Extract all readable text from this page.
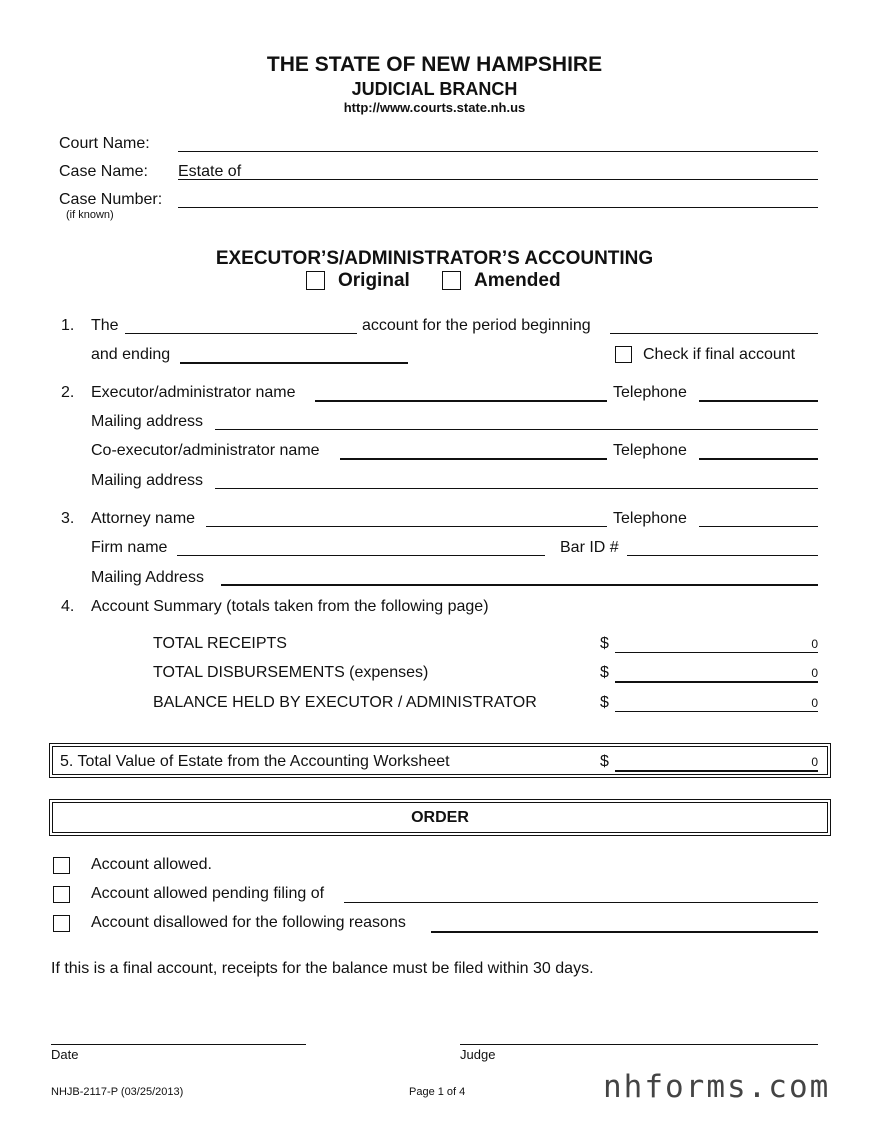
THE STATE OF NEW HAMPSHIRE
JUDICIAL BRANCH
http://www.courts.state.nh.us
Court Name:
Case Name: Estate of
Case Number:
(if known)
EXECUTOR’S/ADMINISTRATOR’S ACCOUNTING
Original	Amended
1. The	account for the period beginning
and ending	Check if final account
2. Executor/administrator name	Telephone
Mailing address
Co-executor/administrator name	Telephone
Mailing address
3. Attorney name	Telephone
Firm name	Bar ID #
Mailing Address
4. Account Summary (totals taken from the following page)
TOTAL RECEIPTS	$	0
TOTAL DISBURSEMENTS (expenses)	$	0
BALANCE HELD BY EXECUTOR / ADMINISTRATOR	$	0
5. Total Value of Estate from the Accounting Worksheet	$	0
ORDER
Account allowed.
Account allowed pending filing of
Account disallowed for the following reasons
If this is a final account, receipts for the balance must be filed within 30 days.
Date	Judge
NHJB-2117-P (03/25/2013)	Page 1 of 4	nhforms.com
